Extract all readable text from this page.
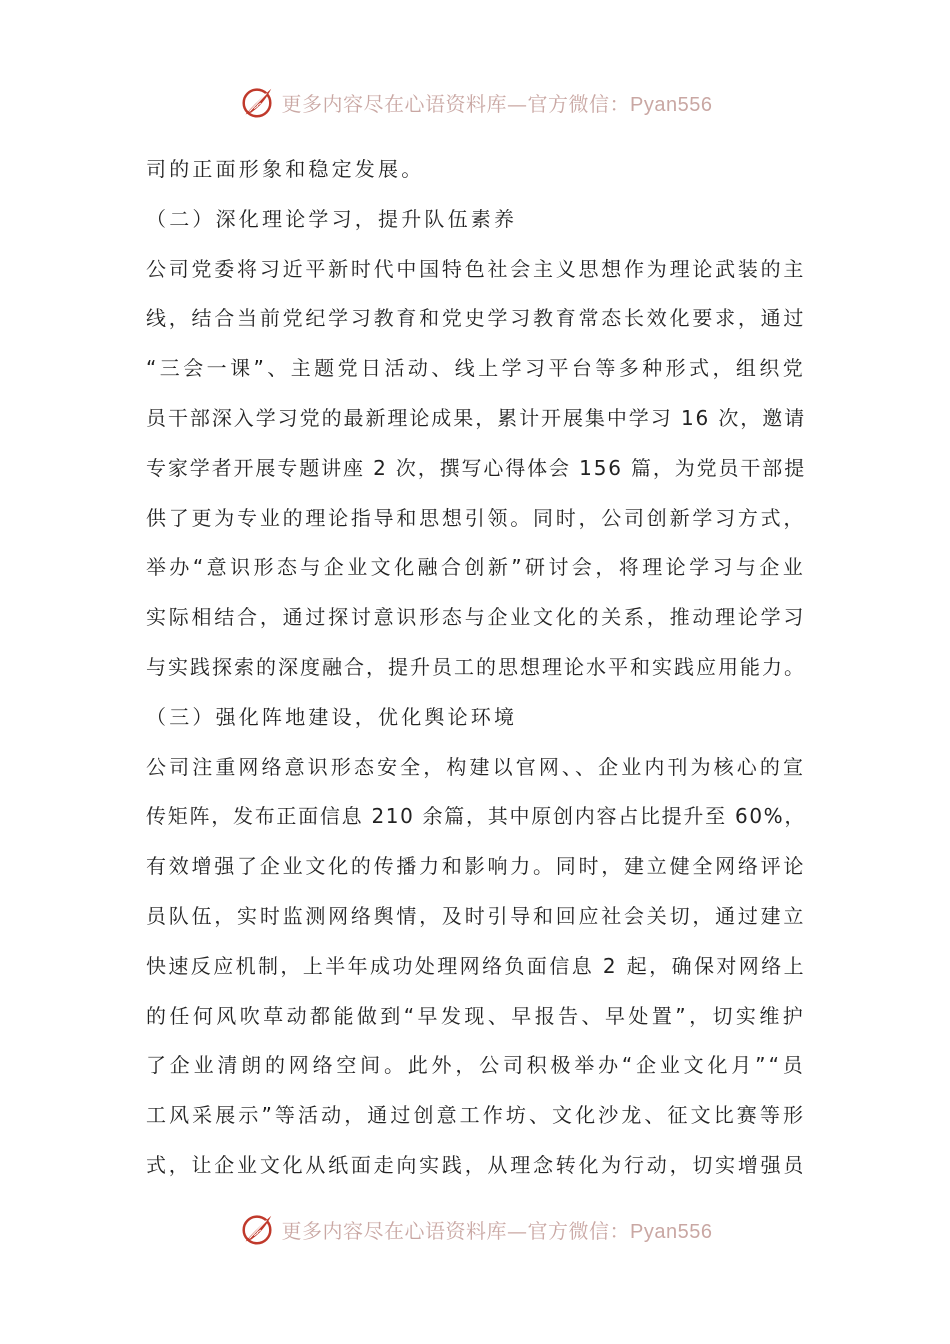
更多内容尽在心语资料库—官方微信：Pyan556
司的正面形象和稳定发展。
（二）深化理论学习，提升队伍素养
公司党委将习近平新时代中国特色社会主义思想作为理论武装的主
线，结合当前党纪学习教育和党史学习教育常态长效化要求，通过
“三会一课”、主题党日活动、线上学习平台等多种形式，组织党
员干部深入学习党的最新理论成果，累计开展集中学习 16 次，邀请
专家学者开展专题讲座 2 次，撰写心得体会 156 篇，为党员干部提
供了更为专业的理论指导和思想引领。同时，公司创新学习方式，
举办“意识形态与企业文化融合创新”研讨会，将理论学习与企业
实际相结合，通过探讨意识形态与企业文化的关系，推动理论学习
与实践探索的深度融合，提升员工的思想理论水平和实践应用能力。
（三）强化阵地建设，优化舆论环境
公司注重网络意识形态安全，构建以官网、、企业内刊为核心的宣
传矩阵，发布正面信息 210 余篇，其中原创内容占比提升至 60%，
有效增强了企业文化的传播力和影响力。同时，建立健全网络评论
员队伍，实时监测网络舆情，及时引导和回应社会关切，通过建立
快速反应机制，上半年成功处理网络负面信息 2 起，确保对网络上
的任何风吹草动都能做到“早发现、早报告、早处置”，切实维护
了企业清朗的网络空间。此外，公司积极举办“企业文化月”“员
工风采展示”等活动，通过创意工作坊、文化沙龙、征文比赛等形
式，让企业文化从纸面走向实践，从理念转化为行动，切实增强员
更多内容尽在心语资料库—官方微信：Pyan556
